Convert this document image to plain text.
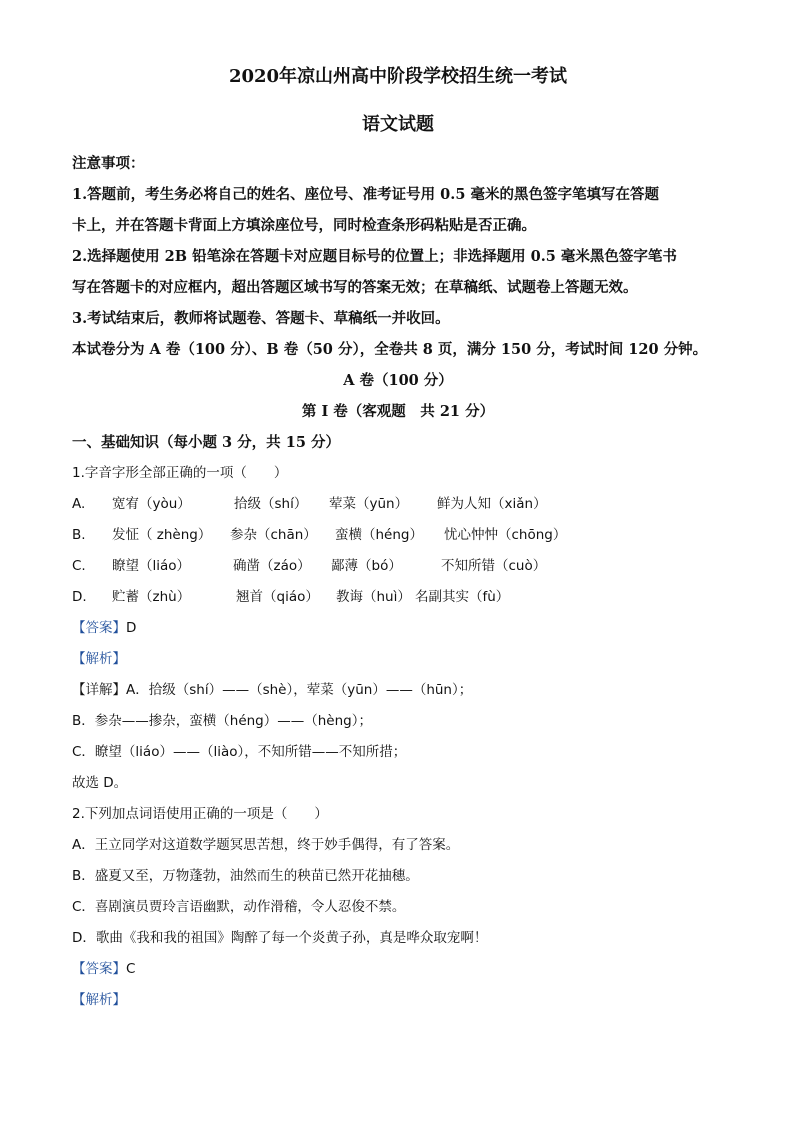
2020年凉山州高中阶段学校招生统一考试

语文试题

注意事项：

1.答题前，考生务必将自己的姓名、座位号、准考证号用 0.5 毫米的黑色签字笔填写在答题

卡上，并在答题卡背面上方填涂座位号，同时检查条形码粘贴是否正确。

2.选择题使用 2B 铅笔涂在答题卡对应题目标号的位置上；非选择题用 0.5 毫米黑色签字笔书

写在答题卡的对应框内，超出答题区域书写的答案无效；在草稿纸、试题卷上答题无效。

3.考试结束后，教师将试题卷、答题卡、草稿纸一并收回。

本试卷分为 A 卷（100 分）、B 卷（50 分），全卷共 8 页，满分 150 分，考试时间 120 分钟。

A 卷（100 分）

第 I 卷（客观题　共 21 分）

一、基础知识（每小题 3 分，共 15 分）

1.字音字形全部正确的一项（　　）

A.	宽宥（yòu）	拾级（shí）	荤菜（yūn）	鲜为人知（xiǎn）
B.	发怔（ zhèng）	参杂（chān）	蛮横（héng）	忧心忡忡（chōng）
C.	瞭望（liáo）	确凿（záo）	鄙薄（bó）	不知所错（cuò）
D.	贮蓄（zhù）	翘首（qiáo）	教诲（huì） 名副其实（fù）

【答案】D

【解析】

【详解】A．拾级（shí）——（shè），荤菜（yūn）——（hūn）；

B．参杂——掺杂，蛮横（héng）——（hèng）；

C．瞭望（liáo）——（liào），不知所错——不知所措；

故选 D。

2.下列加点词语使用正确的一项是（　　）

A．王立同学对这道数学题冥思苦想，终于妙手偶得，有了答案。

B．盛夏又至，万物蓬勃，油然而生的秧苗已然开花抽穗。

C．喜剧演员贾玲言语幽默，动作滑稽，令人忍俊不禁。

D．歌曲《我和我的祖国》陶醉了每一个炎黄子孙，真是哗众取宠啊！

【答案】C

【解析】
